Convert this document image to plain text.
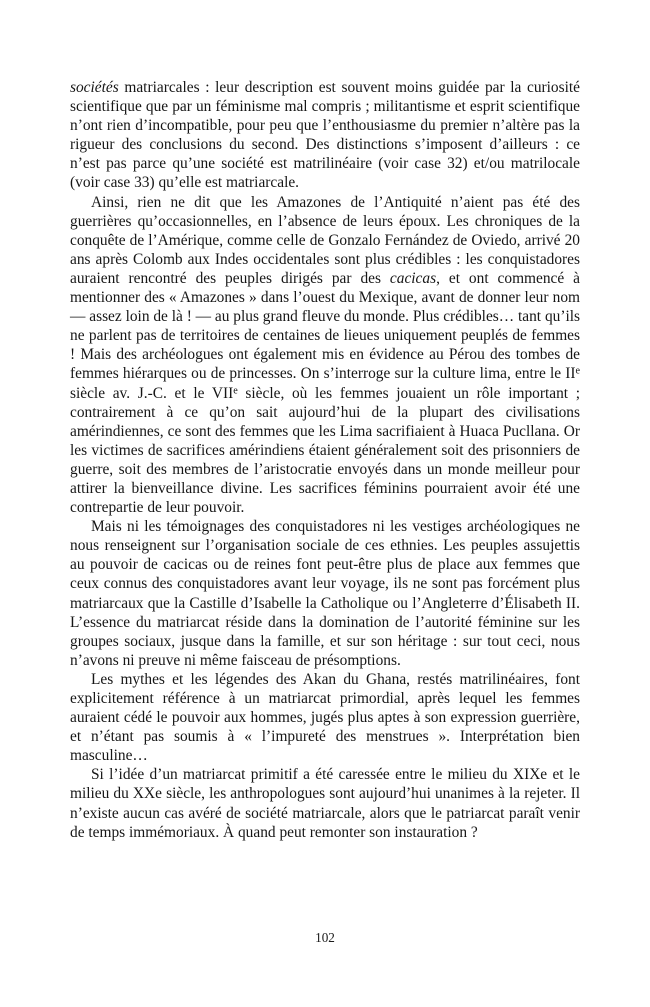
sociétés matriarcales : leur description est souvent moins guidée par la curiosité scientifique que par un féminisme mal compris ; militantisme et esprit scientifique n’ont rien d’incompatible, pour peu que l’enthousiasme du premier n’altère pas la rigueur des conclusions du second. Des distinctions s’imposent d’ailleurs : ce n’est pas parce qu’une société est matrilinéaire (voir case 32) et/ou matrilocale (voir case 33) qu’elle est matriarcale.

Ainsi, rien ne dit que les Amazones de l’Antiquité n’aient pas été des guerrières qu’occasionnelles, en l’absence de leurs époux. Les chroniques de la conquête de l’Amérique, comme celle de Gonzalo Fernández de Oviedo, arrivé 20 ans après Colomb aux Indes occidentales sont plus crédibles : les conquistadores auraient rencontré des peuples dirigés par des cacicas, et ont commencé à mentionner des « Amazones » dans l’ouest du Mexique, avant de donner leur nom — assez loin de là ! — au plus grand fleuve du monde. Plus crédibles… tant qu’ils ne parlent pas de territoires de centaines de lieues uniquement peuplés de femmes ! Mais des archéologues ont également mis en évidence au Pérou des tombes de femmes hiérarques ou de princesses. On s’interroge sur la culture lima, entre le IIe siècle av. J.-C. et le VIIe siècle, où les femmes jouaient un rôle important ; contrairement à ce qu’on sait aujourd’hui de la plupart des civilisations amérindiennes, ce sont des femmes que les Lima sacrifiaient à Huaca Pucllana. Or les victimes de sacrifices amérindiens étaient généralement soit des prisonniers de guerre, soit des membres de l’aristocratie envoyés dans un monde meilleur pour attirer la bienveillance divine. Les sacrifices féminins pourraient avoir été une contrepartie de leur pouvoir.

Mais ni les témoignages des conquistadores ni les vestiges archéologiques ne nous renseignent sur l’organisation sociale de ces ethnies. Les peuples assujettis au pouvoir de cacicas ou de reines font peut-être plus de place aux femmes que ceux connus des conquistadores avant leur voyage, ils ne sont pas forcément plus matriarcaux que la Castille d’Isabelle la Catholique ou l’Angleterre d’Élisabeth II. L’essence du matriarcat réside dans la domination de l’autorité féminine sur les groupes sociaux, jusque dans la famille, et sur son héritage : sur tout ceci, nous n’avons ni preuve ni même faisceau de présomptions.

Les mythes et les légendes des Akan du Ghana, restés matrilinéaires, font explicitement référence à un matriarcat primordial, après lequel les femmes auraient cédé le pouvoir aux hommes, jugés plus aptes à son expression guerrière, et n’étant pas soumis à « l’impureté des menstrues ». Interprétation bien masculine…

Si l’idée d’un matriarcat primitif a été caressée entre le milieu du XIXe et le milieu du XXe siècle, les anthropologues sont aujourd’hui unanimes à la rejeter. Il n’existe aucun cas avéré de société matriarcale, alors que le patriarcat paraît venir de temps immémoriaux. À quand peut remonter son instauration ?

102
